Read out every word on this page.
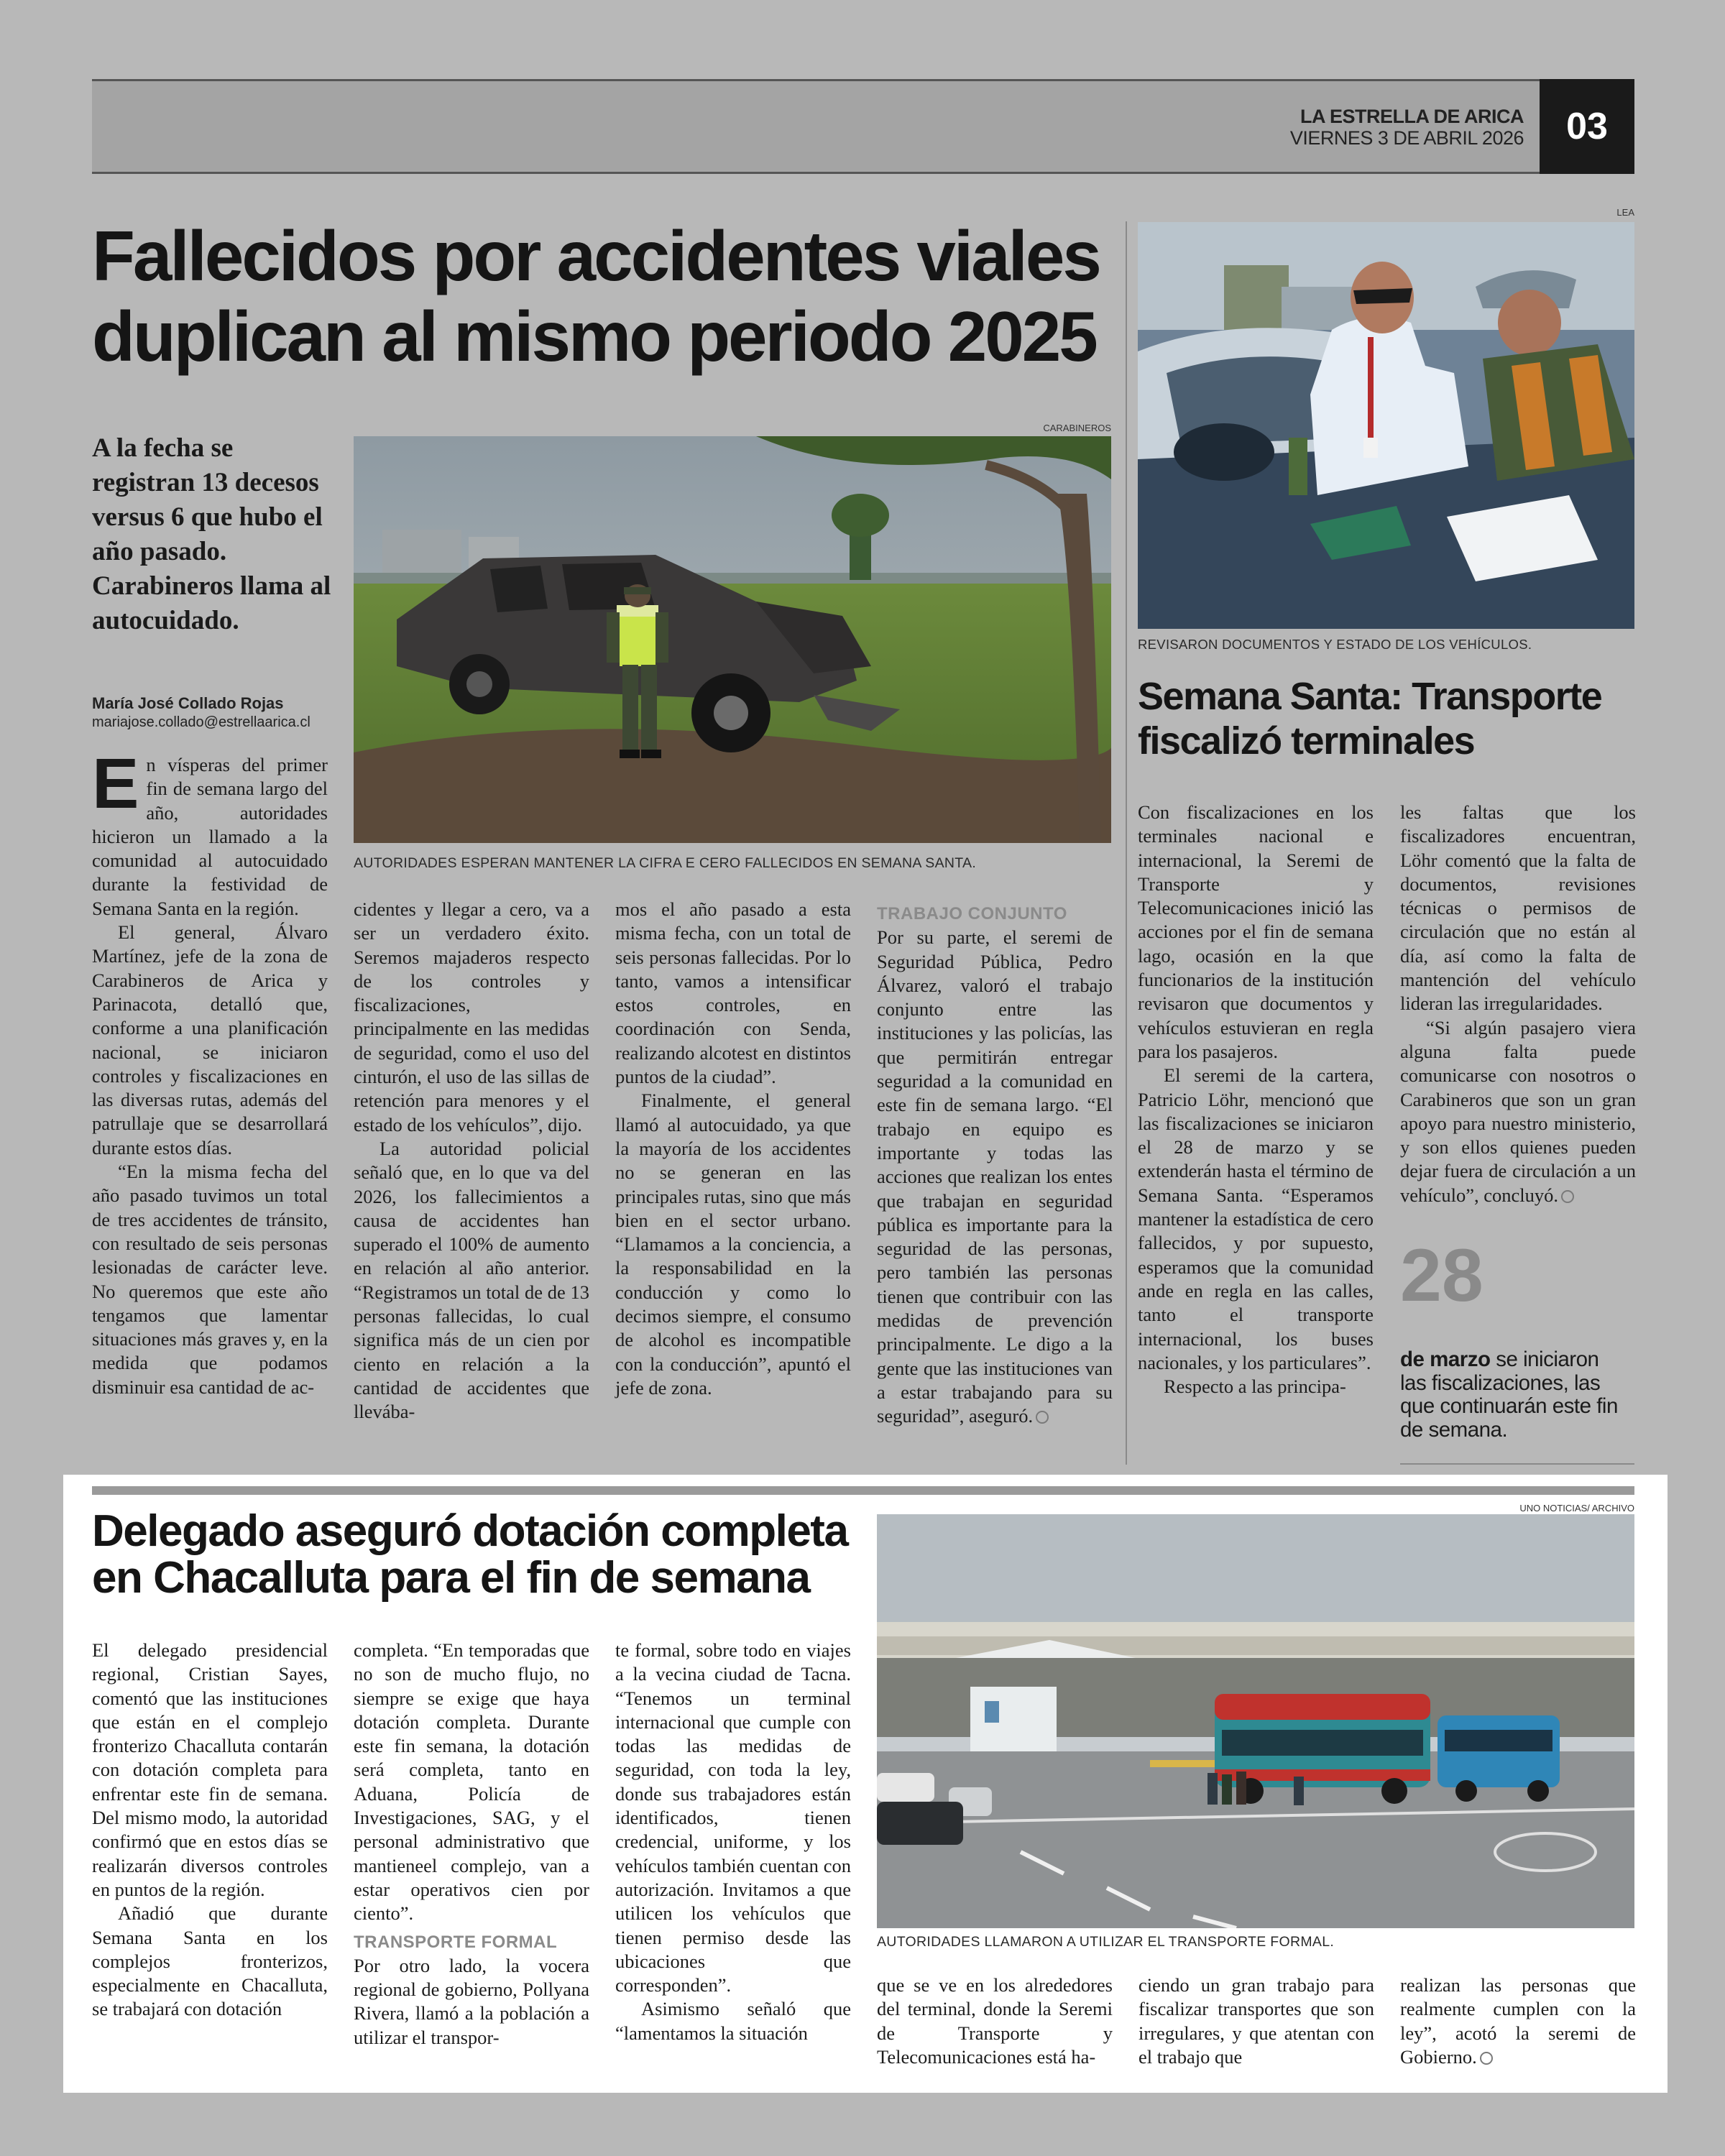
LA ESTRELLA DE ARICA
VIERNES 3 DE ABRIL 2026 03
Fallecidos por accidentes viales
duplican al mismo periodo 2025
A la fecha se registran 13 decesos versus 6 que hubo el año pasado. Carabineros llama al autocuidado.
María José Collado Rojas
mariajose.collado@estrellaarica.cl
CARABINEROS
AUTORIDADES ESPERAN MANTENER LA CIFRA E CERO FALLECIDOS EN SEMANA SANTA.

En vísperas del primer fin de semana largo del año, autoridades hicieron un llamado a la comunidad al autocuidado durante la festividad de Semana Santa en la región.

El general, Álvaro Martínez, jefe de la zona de Carabineros de Arica y Parinacota, detalló que, conforme a una planificación nacional, se iniciaron controles y fiscalizaciones en las diversas rutas, además del patrullaje que se desarrollará durante estos días.

“En la misma fecha del año pasado tuvimos un total de tres accidentes de tránsito, con resultado de seis personas lesionadas de carácter leve. No queremos que este año tengamos que lamentar situaciones más graves y, en la medida que podamos disminuir esa cantidad de ac-

cidentes y llegar a cero, va a ser un verdadero éxito. Seremos majaderos respecto de los controles y fiscalizaciones, principalmente en las medidas de seguridad, como el uso del cinturón, el uso de las sillas de retención para menores y el estado de los vehículos”, dijo.

La autoridad policial señaló que, en lo que va del 2026, los fallecimientos a causa de accidentes han superado el 100% de aumento en relación al año anterior. “Registramos un total de de 13 personas fallecidas, lo cual significa más de un cien por ciento en relación a la cantidad de accidentes que llevába-

mos el año pasado a esta misma fecha, con un total de seis personas fallecidas. Por lo tanto, vamos a intensificar estos controles, en coordinación con Senda, realizando alcotest en distintos puntos de la ciudad”.

Finalmente, el general llamó al autocuidado, ya que la mayoría de los accidentes no se generan en las principales rutas, sino que más bien en el sector urbano. “Llamamos a la conciencia, a la responsabilidad en la conducción y como lo decimos siempre, el consumo de alcohol es incompatible con la conducción”, apuntó el jefe de zona.

TRABAJO CONJUNTO

Por su parte, el seremi de Seguridad Pública, Pedro Álvarez, valoró el trabajo conjunto entre las instituciones y las policías, las que permitirán entregar seguridad a la comunidad en este fin de semana largo. “El trabajo en equipo es importante y todas las acciones que realizan los entes que trabajan en seguridad pública es importante para la seguridad de las personas, pero también las personas tienen que contribuir con las medidas de prevención principalmente. Le digo a la gente que las instituciones van a estar trabajando para su seguridad”, aseguró.

LEA
REVISARON DOCUMENTOS Y ESTADO DE LOS VEHÍCULOS.
Semana Santa: Transporte
fiscalizó terminales

Con fiscalizaciones en los terminales nacional e internacional, la Seremi de Transporte y Telecomunicaciones inició las acciones por el fin de semana lago, ocasión en la que funcionarios de la institución revisaron que documentos y vehículos estuvieran en regla para los pasajeros.

El seremi de la cartera, Patricio Löhr, mencionó que las fiscalizaciones se iniciaron el 28 de marzo y se extenderán hasta el término de Semana Santa. “Esperamos mantener la estadística de cero fallecidos, y por supuesto, esperamos que la comunidad ande en regla en las calles, tanto el transporte internacional, los buses nacionales, y los particulares”.

Respecto a las principa-

les faltas que los fiscalizadores encuentran, Löhr comentó que la falta de documentos, revisiones técnicas o permisos de circulación que no están al día, así como la falta de mantención del vehículo lideran las irregularidades.

“Si algún pasajero viera alguna falta puede comunicarse con nosotros o Carabineros que son un gran apoyo para nuestro ministerio, y son ellos quienes pueden dejar fuera de circulación a un vehículo”, concluyó.

28
de marzo se iniciaron las fiscalizaciones, las que continuarán este fin de semana.
Delegado aseguró dotación completa
en Chacalluta para el fin de semana
UNO NOTICIAS/ ARCHIVO
AUTORIDADES LLAMARON A UTILIZAR EL TRANSPORTE FORMAL.

El delegado presidencial regional, Cristian Sayes, comentó que las instituciones que están en el complejo fronterizo Chacalluta contarán con dotación completa para enfrentar este fin de semana. Del mismo modo, la autoridad confirmó que en estos días se realizarán diversos controles en puntos de la región.

Añadió que durante Semana Santa en los complejos fronterizos, especialmente en Chacalluta, se trabajará con dotación

completa. “En temporadas que no son de mucho flujo, no siempre se exige que haya dotación completa. Durante este fin semana, la dotación será completa, tanto en Aduana, Policía de Investigaciones, SAG, y el personal administrativo que mantieneel complejo, van a estar operativos cien por ciento”.

TRANSPORTE FORMAL

Por otro lado, la vocera regional de gobierno, Pollyana Rivera, llamó a la población a utilizar el transpor-

te formal, sobre todo en viajes a la vecina ciudad de Tacna. “Tenemos un terminal internacional que cumple con todas las medidas de seguridad, con toda la ley, donde sus trabajadores están identificados, tienen credencial, uniforme, y los vehículos también cuentan con autorización. Invitamos a que utilicen los vehículos que tienen permiso desde las ubicaciones que corresponden”.

Asimismo señaló que “lamentamos la situación

que se ve en los alrededores del terminal, donde la Seremi de Transporte y Telecomunicaciones está ha-

ciendo un gran trabajo para fiscalizar transportes que son irregulares, y que atentan con el trabajo que

realizan las personas que realmente cumplen con la ley”, acotó la seremi de Gobierno.
